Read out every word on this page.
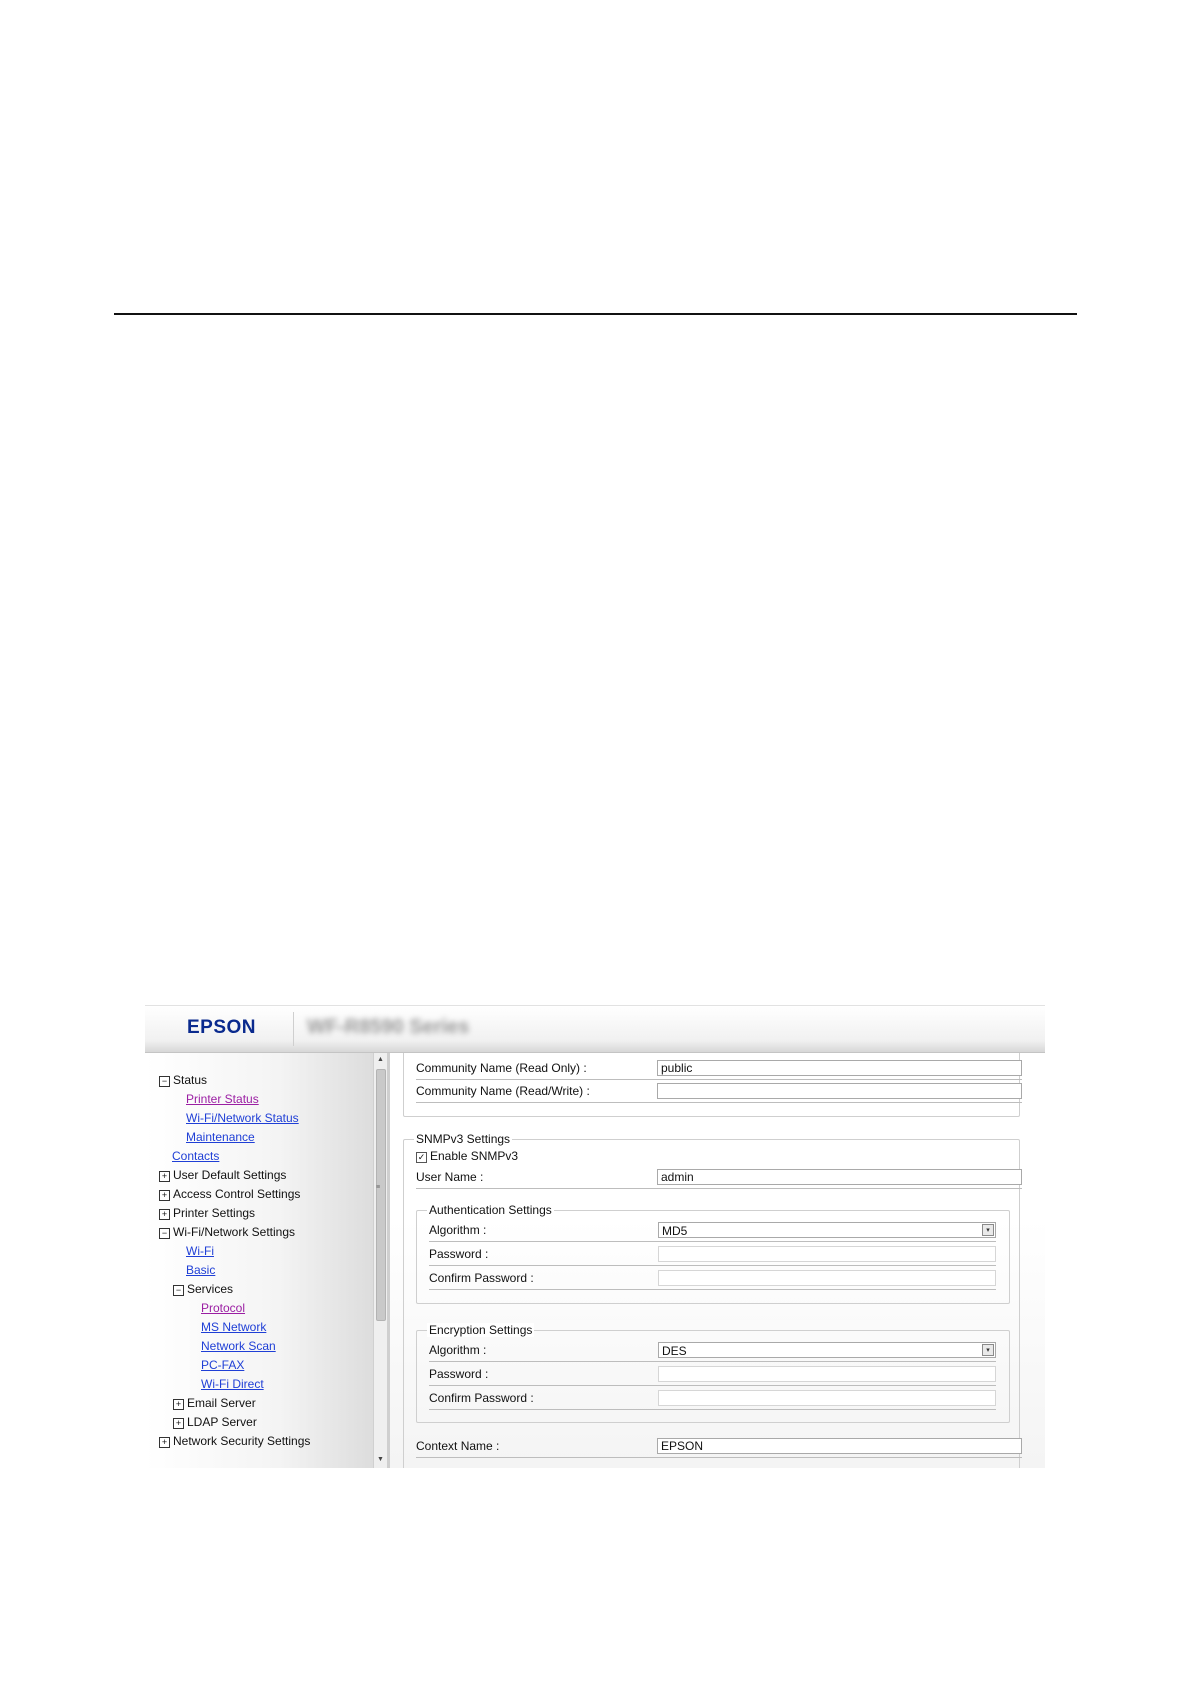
EPSON	WF-R8590 Series
− Status
Printer Status
Wi-Fi/Network Status
Maintenance
Contacts
+ User Default Settings
+ Access Control Settings
+ Printer Settings
− Wi-Fi/Network Settings
Wi-Fi
Basic
− Services
Protocol
MS Network
Network Scan
PC-FAX
Wi-Fi Direct
+ Email Server
+ LDAP Server
+ Network Security Settings
▲
≡
▼
Community Name (Read Only) :
public
Community Name (Read/Write) :
SNMPv3 Settings
✓ Enable SNMPv3
User Name :
admin
Authentication Settings
Algorithm :	MD5	▾
Password :
Confirm Password :
Encryption Settings
Algorithm :	DES	▾
Password :
Confirm Password :
Context Name :
EPSON
